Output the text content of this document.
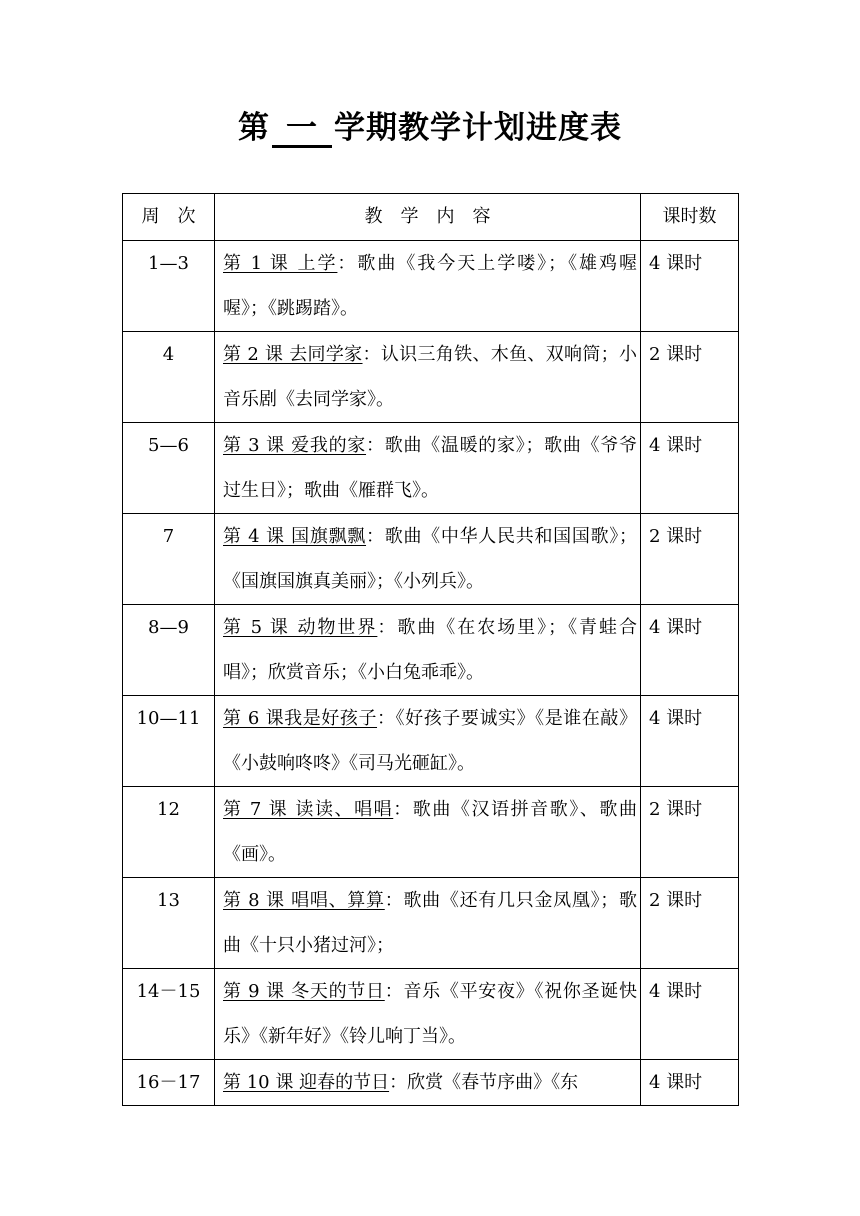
第 一 学期教学计划进度表
周　次	教　学　内　容	课时数
1—3	第 1 课 上学：歌曲《我今天上学喽》；《雄鸡喔喔》；《跳踢踏》。	4 课时
4	第 2 课 去同学家：认识三角铁、木鱼、双响筒；小音乐剧《去同学家》。	2 课时
5—6	第 3 课 爱我的家：歌曲《温暖的家》；歌曲《爷爷过生日》；歌曲《雁群飞》。	4 课时
7	第 4 课 国旗飘飘：歌曲《中华人民共和国国歌》；《国旗国旗真美丽》；《小列兵》。	2 课时
8—9	第 5 课 动物世界：歌曲《在农场里》；《青蛙合唱》；欣赏音乐；《小白兔乖乖》。	4 课时
10—11	第 6 课我是好孩子：《好孩子要诚实》《是谁在敲》《小鼓响咚咚》《司马光砸缸》。	4 课时
12	第 7 课 读读、唱唱：歌曲《汉语拼音歌》、歌曲《画》。	2 课时
13	第 8 课 唱唱、算算：歌曲《还有几只金凤凰》；歌曲《十只小猪过河》；	2 课时
14－15	第 9 课 冬天的节日：音乐《平安夜》《祝你圣诞快乐》《新年好》《铃儿响丁当》。	4 课时
16－17	第 10 课 迎春的节日：欣赏《春节序曲》《东	4 课时
